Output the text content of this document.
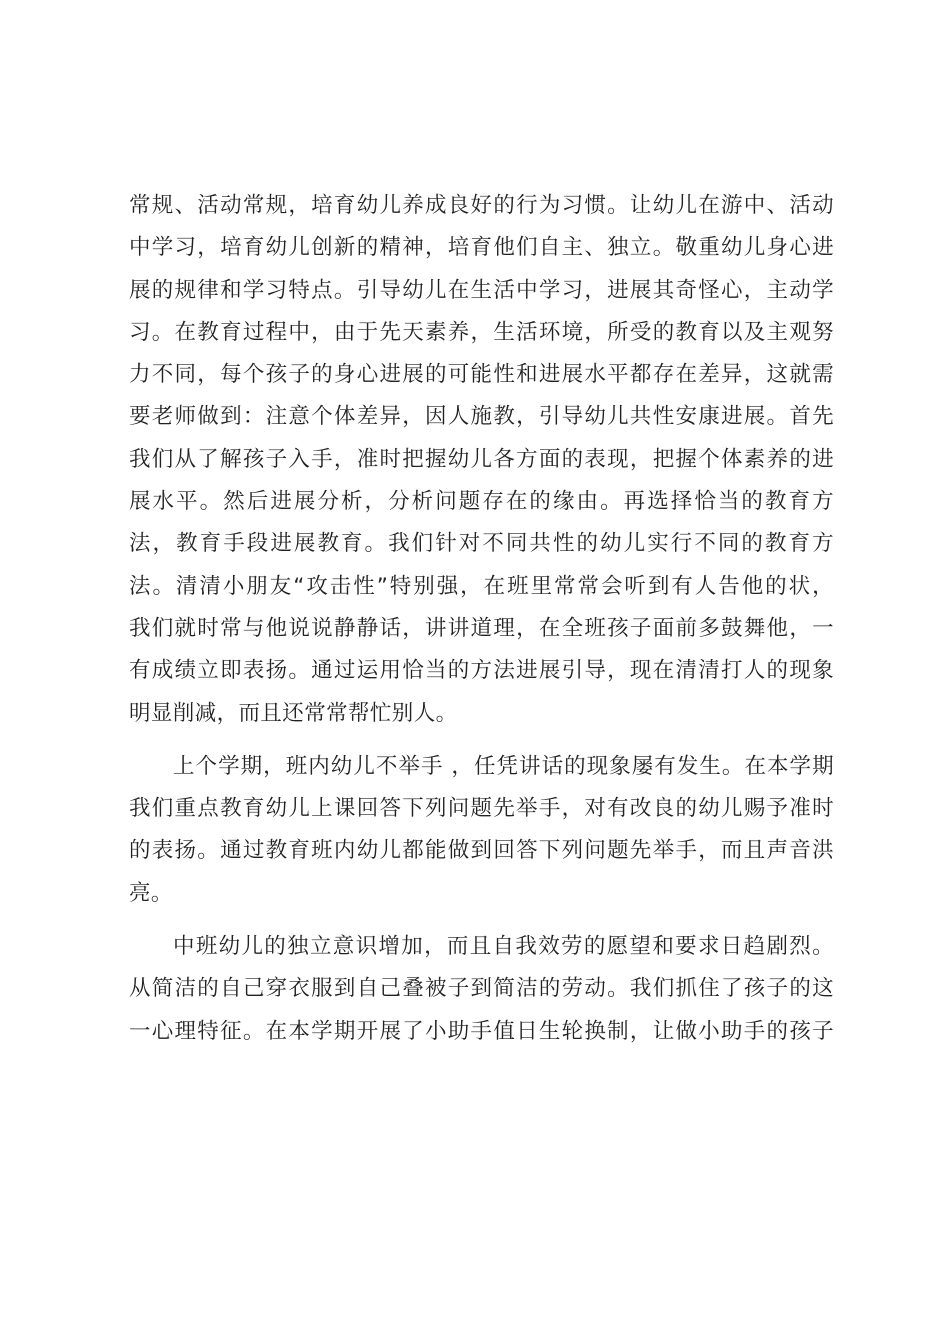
常规、活动常规，培育幼儿养成良好的行为习惯。让幼儿在游中、活动
中学习，培育幼儿创新的精神，培育他们自主、独立。敬重幼儿身心进
展的规律和学习特点。引导幼儿在生活中学习，进展其奇怪心，主动学
习。在教育过程中，由于先天素养，生活环境，所受的教育以及主观努
力不同，每个孩子的身心进展的可能性和进展水平都存在差异，这就需
要老师做到：注意个体差异，因人施教，引导幼儿共性安康进展。首先
我们从了解孩子入手，准时把握幼儿各方面的表现，把握个体素养的进
展水平。然后进展分析，分析问题存在的缘由。再选择恰当的教育方
法，教育手段进展教育。我们针对不同共性的幼儿实行不同的教育方
法。清清小朋友“攻击性”特别强，在班里常常会听到有人告他的状，
我们就时常与他说说静静话，讲讲道理，在全班孩子面前多鼓舞他，一
有成绩立即表扬。通过运用恰当的方法进展引导，现在清清打人的现象
明显削减，而且还常常帮忙别人。
上个学期，班内幼儿不举手 ，任凭讲话的现象屡有发生。在本学期
我们重点教育幼儿上课回答下列问题先举手，对有改良的幼儿赐予准时
的表扬。通过教育班内幼儿都能做到回答下列问题先举手，而且声音洪
亮。
中班幼儿的独立意识增加，而且自我效劳的愿望和要求日趋剧烈。
从简洁的自己穿衣服到自己叠被子到简洁的劳动。我们抓住了孩子的这
一心理特征。在本学期开展了小助手值日生轮换制，让做小助手的孩子
